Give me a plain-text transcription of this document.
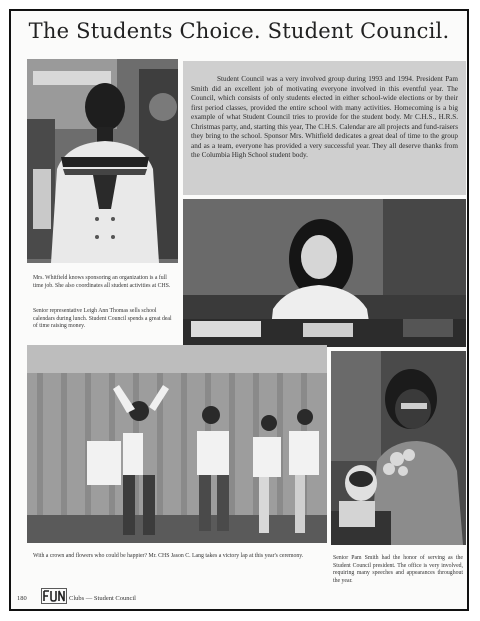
The Students Choice. Student Council.

Student Council was a very involved group during 1993 and 1994. President Pam Smith did an excellent job of motivating everyone involved in this eventful year. The Council, which consists of only students elected in either school-wide elections or by their first period classes, provided the entire school with many activities. Homecoming is a big example of what Student Council tries to provide for the student body. Mr C.H.S., H.R.S. Christmas party, and, starting this year, The C.H.S. Calendar are all projects and fund-raisers they bring to the school. Sponsor Mrs. Whitfield dedicates a great deal of time to the group and as a team, everyone has provided a very successful year. They all deserve thanks from the Columbia High School student body.

Mrs. Whitfield knows sponsoring an organization is a full time job. She also coordinates all student activities at CHS.

Senior representative Leigh Ann Thomas sells school calendars during lunch. Student Council spends a great deal of time raising money.

With a crown and flowers who could be happier? Mr. CHS Jason C. Lang takes a victory lap at this year's ceremony.	Senior Pam Smith had the honor of serving as the Student Council president. The office is very involved, requiring many speeches and appearances throughout the year.

180	Clubs — Student Council
